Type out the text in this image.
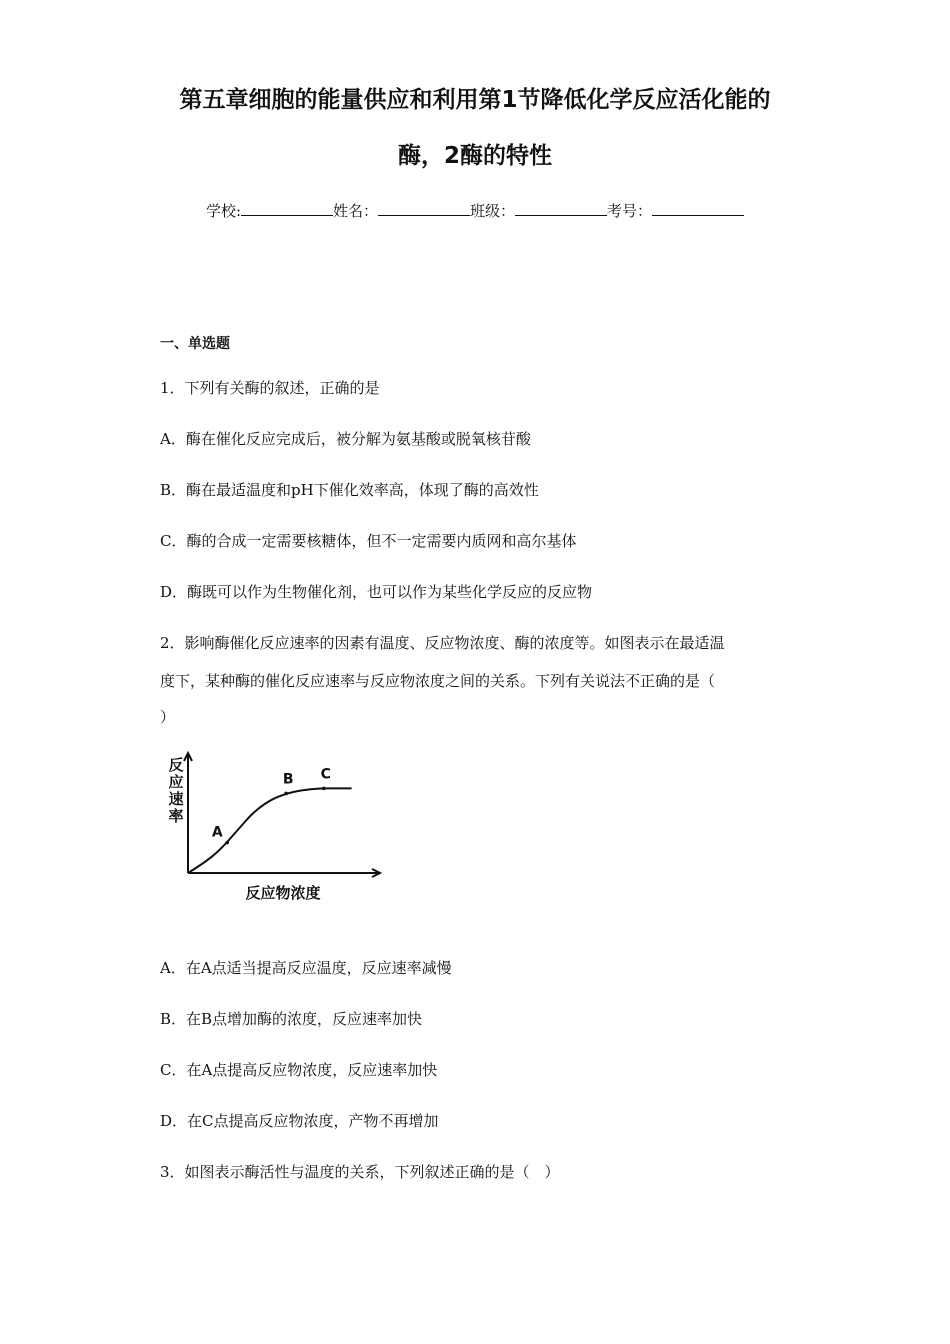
第五章细胞的能量供应和利用第1节降低化学反应活化能的
酶，2酶的特性
学校:	姓名：	班级：	考号：
一、单选题
1．下列有关酶的叙述，正确的是
A．酶在催化反应完成后，被分解为氨基酸或脱氧核苷酸
B．酶在最适温度和pH下催化效率高，体现了酶的高效性
C．酶的合成一定需要核糖体，但不一定需要内质网和高尔基体
D．酶既可以作为生物催化剂，也可以作为某些化学反应的反应物
2．影响酶催化反应速率的因素有温度、反应物浓度、酶的浓度等。如图表示在最适温
度下，某种酶的催化反应速率与反应物浓度之间的关系。下列有关说法不正确的是（
）
A
B C
反
应
速
率
反应物浓度
A．在A点适当提高反应温度，反应速率减慢
B．在B点增加酶的浓度，反应速率加快
C．在A点提高反应物浓度，反应速率加快
D．在C点提高反应物浓度，产物不再增加
3．如图表示酶活性与温度的关系，下列叙述正确的是（　）
